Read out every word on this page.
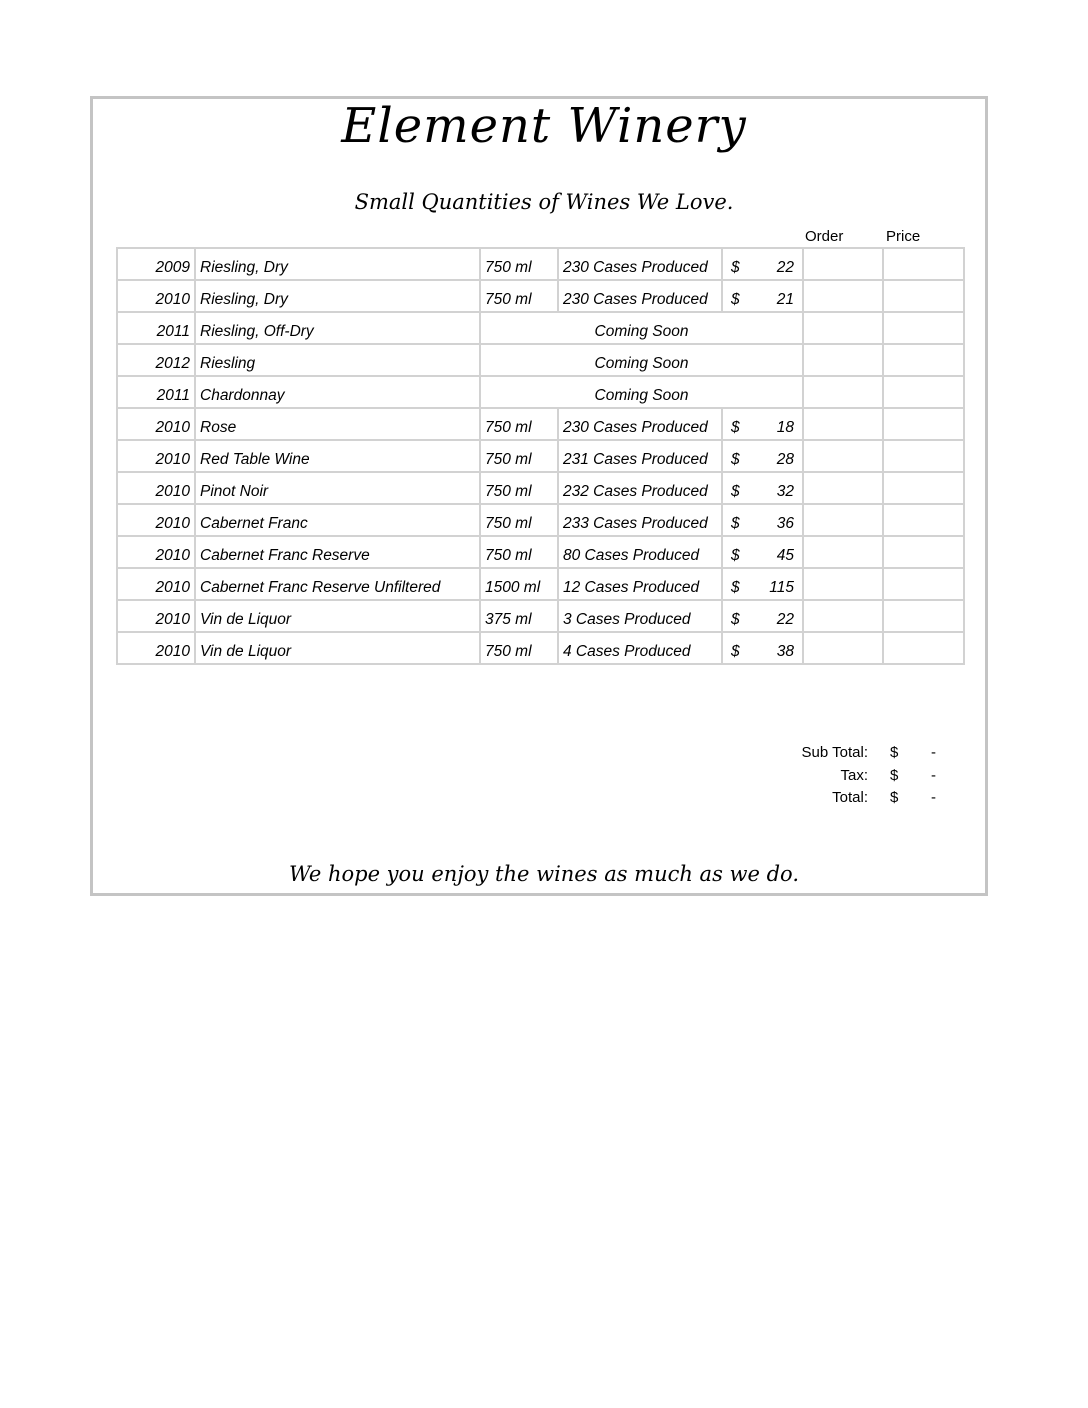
Element Winery
Small Quantities of Wines We Love.
Order	Price
2009	Riesling, Dry	750 ml	230 Cases Produced	$ 22		

2010	Riesling, Dry	750 ml	230 Cases Produced	$ 21		

2011	Riesling, Off-Dry	Coming Soon				
2012	Riesling	Coming Soon				
2011	Chardonnay	Coming Soon				
2010	Rose	750 ml	230 Cases Produced	$ 18		

2010	Red Table Wine	750 ml	231 Cases Produced	$ 28		

2010	Pinot Noir	750 ml	232 Cases Produced	$ 32		

2010	Cabernet Franc	750 ml	233 Cases Produced	$ 36		

2010	Cabernet Franc Reserve	750 ml	80 Cases Produced	$ 45		

2010	Cabernet Franc Reserve Unfiltered	1500 ml	12 Cases Produced	$ 115		

2010	Vin de Liquor	375 ml	3 Cases Produced	$ 22		

2010	Vin de Liquor	750 ml	4 Cases Produced	$ 38		

Sub Total: $ -
Tax: $ -
Total: $ -
We hope you enjoy the wines as much as we do.
